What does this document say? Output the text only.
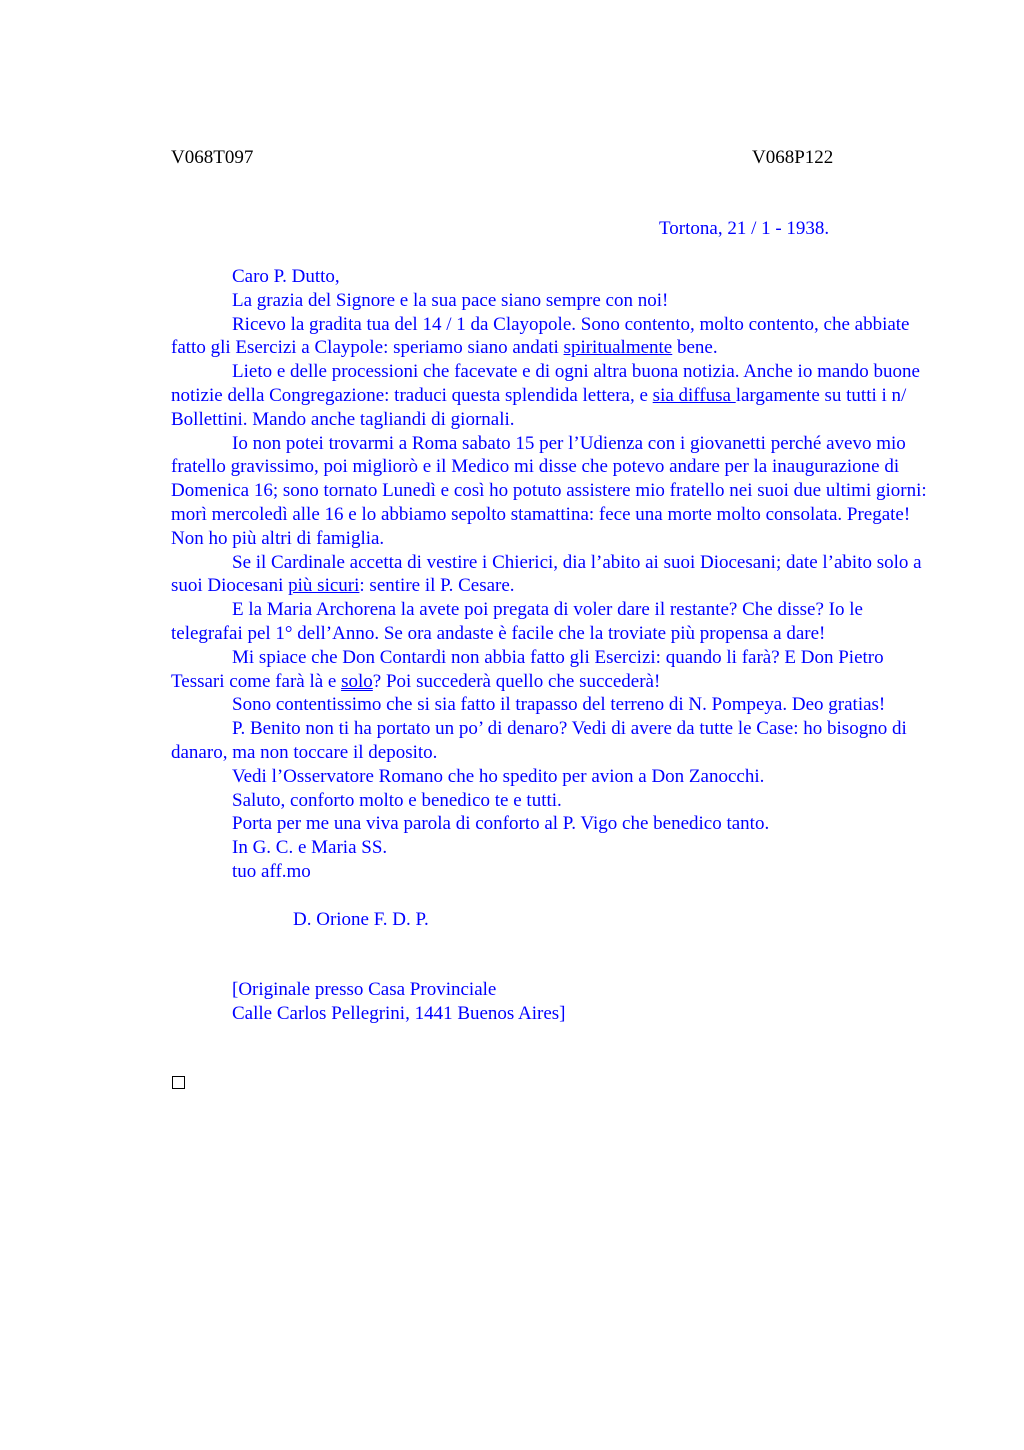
V068T097	V068P122
Tortona, 21 / 1 - 1938.

Caro P. Dutto,

La grazia del Signore e la sua pace siano sempre con noi!

Ricevo la gradita tua del 14 / 1 da Clayopole. Sono contento, molto contento, che abbiate fatto gli Esercizi a Claypole: speriamo siano andati spiritualmente bene.

Lieto e delle processioni che facevate e di ogni altra buona notizia. Anche io mando buone notizie della Congregazione: traduci questa splendida lettera, e sia diffusa largamente su tutti i n/ Bollettini. Mando anche tagliandi di giornali.

Io non potei trovarmi a Roma sabato 15 per l’Udienza con i giovanetti perché avevo mio fratello gravissimo, poi migliorò e il Medico mi disse che potevo andare per la inaugurazione di Domenica 16; sono tornato Lunedì e così ho potuto assistere mio fratello nei suoi due ultimi giorni: morì mercoledì alle 16 e lo abbiamo sepolto stamattina: fece una morte molto consolata. Pregate! Non ho più altri di famiglia.

Se il Cardinale accetta di vestire i Chierici, dia l’abito ai suoi Diocesani; date l’abito solo a suoi Diocesani più sicuri: sentire il P. Cesare.

E la Maria Archorena la avete poi pregata di voler dare il restante? Che disse? Io le telegrafai pel 1° dell’Anno. Se ora andaste è facile che la troviate più propensa a dare!

Mi spiace che Don Contardi non abbia fatto gli Esercizi: quando li farà? E Don Pietro Tessari come farà là e solo? Poi succederà quello che succederà!

Sono contentissimo che si sia fatto il trapasso del terreno di N. Pompeya. Deo gratias!

P. Benito non ti ha portato un po’ di denaro? Vedi di avere da tutte le Case: ho bisogno di danaro, ma non toccare il deposito.

Vedi l’Osservatore Romano che ho spedito per avion a Don Zanocchi.

Saluto, conforto molto e benedico te e tutti.

Porta per me una viva parola di conforto al P. Vigo che benedico tanto.

In G. C. e Maria SS.

tuo aff.mo

D. Orione F. D. P.

[Originale presso Casa Provinciale

Calle Carlos Pellegrini, 1441 Buenos Aires]
